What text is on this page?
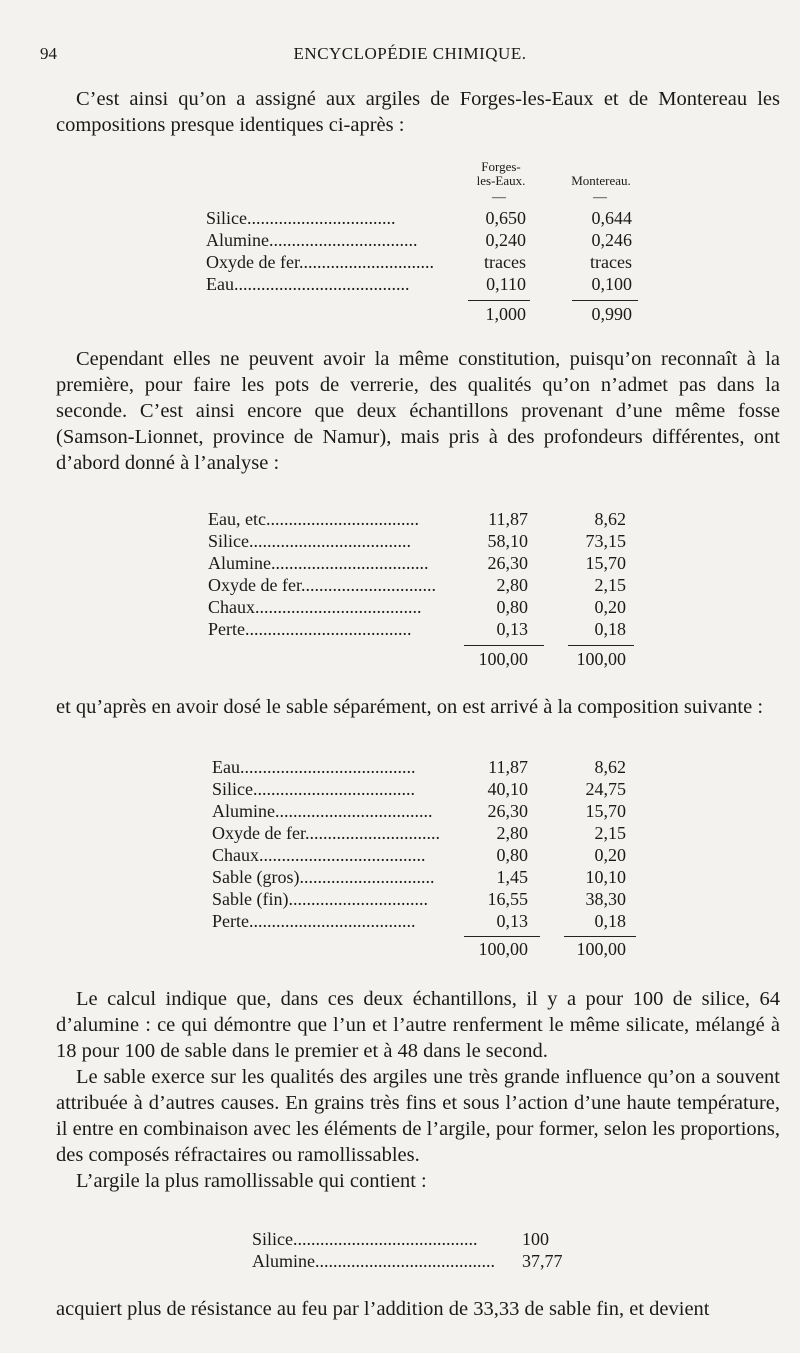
94	ENCYCLOPÉDIE CHIMIQUE.

C’est ainsi qu’on a assigné aux argiles de Forges-les-Eaux et de Montereau les compositions presque identiques ci-après :

Forges-
les-Eaux.	Montereau.
—	—
Silice.................................	0,650	0,644
Alumine.................................	0,240	0,246
Oxyde de fer..............................	traces	traces
Eau.......................................	0,110	0,100
1,000	0,990

Cependant elles ne peuvent avoir la même constitution, puisqu’on reconnaît à la première, pour faire les pots de verrerie, des qualités qu’on n’admet pas dans la seconde. C’est ainsi encore que deux échantillons provenant d’une même fosse (Samson-Lionnet, province de Namur), mais pris à des profondeurs différentes, ont d’abord donné à l’analyse :

Eau, etc..................................	11,87	8,62
Silice....................................	58,10	73,15
Alumine...................................	26,30	15,70
Oxyde de fer..............................	2,80	2,15
Chaux.....................................	0,80	0,20
Perte.....................................	0,13	0,18
100,00	100,00

et qu’après en avoir dosé le sable séparément, on est arrivé à la composition suivante :

Eau.......................................	11,87	8,62
Silice....................................	40,10	24,75
Alumine...................................	26,30	15,70
Oxyde de fer..............................	2,80	2,15
Chaux.....................................	0,80	0,20
Sable (gros)..............................	1,45	10,10
Sable (fin)...............................	16,55	38,30
Perte.....................................	0,13	0,18
100,00	100,00

Le calcul indique que, dans ces deux échantillons, il y a pour 100 de silice, 64 d’alumine : ce qui démontre que l’un et l’autre renferment le même silicate, mélangé à 18 pour 100 de sable dans le premier et à 48 dans le second.

Le sable exerce sur les qualités des argiles une très grande influence qu’on a souvent attribuée à d’autres causes. En grains très fins et sous l’action d’une haute température, il entre en combinaison avec les éléments de l’argile, pour former, selon les proportions, des composés réfractaires ou ramollissables.

L’argile la plus ramollissable qui contient :

Silice.........................................	100
Alumine........................................	37,77

acquiert plus de résistance au feu par l’addition de 33,33 de sable fin, et devient
